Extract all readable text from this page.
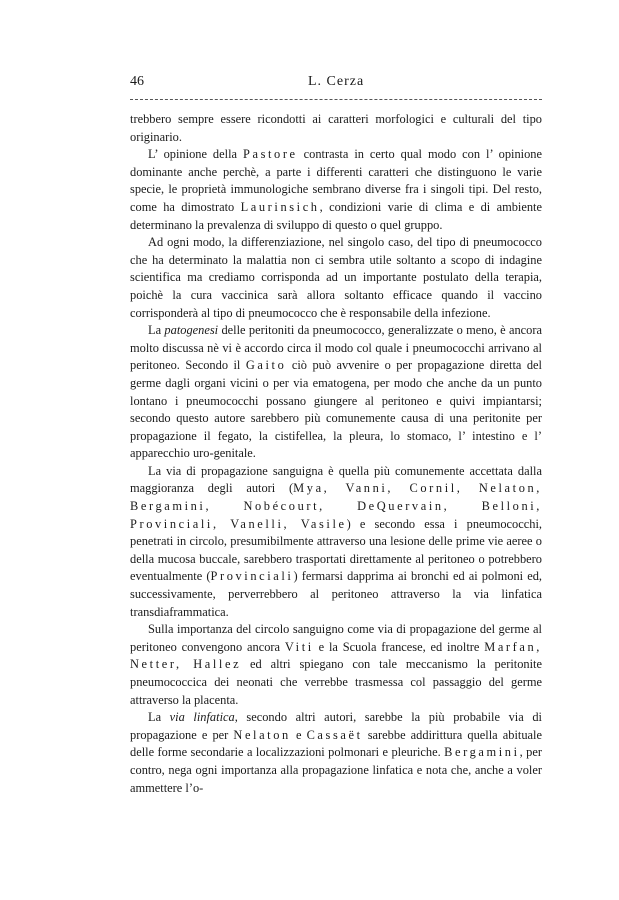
46	L. Cerza

trebbero sempre essere ricondotti ai caratteri morfologici e culturali del tipo originario.

L’ opinione della Pastore contrasta in certo qual modo con l’ opinione dominante anche perchè, a parte i differenti caratteri che distinguono le varie specie, le proprietà immunologiche sembrano diverse fra i singoli tipi. Del resto, come ha dimostrato Laurinsich, condizioni varie di clima e di ambiente determinano la prevalenza di sviluppo di questo o quel gruppo.

Ad ogni modo, la differenziazione, nel singolo caso, del tipo di pneumococco che ha determinato la malattia non ci sembra utile soltanto a scopo di indagine scientifica ma crediamo corrisponda ad un importante postulato della terapia, poichè la cura vaccinica sarà allora soltanto efficace quando il vaccino corrisponderà al tipo di pneumococco che è responsabile della infezione.

La patogenesi delle peritoniti da pneumococco, generalizzate o meno, è ancora molto discussa nè vi è accordo circa il modo col quale i pneumococchi arrivano al peritoneo. Secondo il Gaito ciò può avvenire o per propagazione diretta del germe dagli organi vicini o per via ematogena, per modo che anche da un punto lontano i pneumococchi possano giungere al peritoneo e quivi impiantarsi; secondo questo autore sarebbero più comunemente causa di una peritonite per propagazione il fegato, la cistifellea, la pleura, lo stomaco, l’ intestino e l’ apparecchio uro-genitale.

La via di propagazione sanguigna è quella più comunemente accettata dalla maggioranza degli autori (Mya, Vanni, Cornil, Nelaton, Bergamini, Nobécourt, DeQuervain, Belloni, Provinciali, Vanelli, Vasile) e secondo essa i pneumococchi, penetrati in circolo, presumibilmente attraverso una lesione delle prime vie aeree o della mucosa buccale, sarebbero trasportati direttamente al peritoneo o potrebbero eventualmente (Provinciali) fermarsi dapprima ai bronchi ed ai polmoni ed, successivamente, perverrebbero al peritoneo attraverso la via linfatica transdiaframmatica.

Sulla importanza del circolo sanguigno come via di propagazione del germe al peritoneo convengono ancora Viti e la Scuola francese, ed inoltre Marfan, Netter, Hallez ed altri spiegano con tale meccanismo la peritonite pneumococcica dei neonati che verrebbe trasmessa col passaggio del germe attraverso la placenta.

La via linfatica, secondo altri autori, sarebbe la più probabile via di propagazione e per Nelaton e Cassaët sarebbe addirittura quella abituale delle forme secondarie a localizzazioni polmonari e pleuriche. Bergamini, per contro, nega ogni importanza alla propagazione linfatica e nota che, anche a voler ammettere l’o-
